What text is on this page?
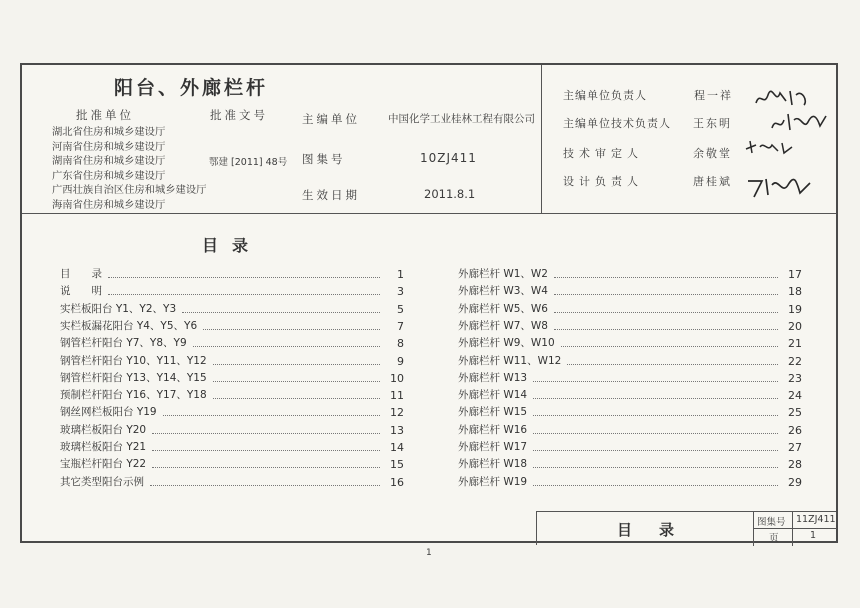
阳台、外廊栏杆
批准单位
湖北省住房和城乡建设厅
河南省住房和城乡建设厅
湖南省住房和城乡建设厅
广东省住房和城乡建设厅
广西壮族自治区住房和城乡建设厅
海南省住房和城乡建设厅
批准文号
鄂建 [2011] 48号
主编单位	中国化学工业桂林工程有限公司
图集号	10ZJ411
生效日期	2011.8.1
主编单位负责人	程一祥
主编单位技术负责人 王东明
技术审定人	余敬堂
设计负责人	唐桂斌
目录
目　　录	1
说　　明	3
实栏板阳台 Y1、Y2、Y3	5
实栏板漏花阳台 Y4、Y5、Y6	7
钢管栏杆阳台 Y7、Y8、Y9	8
钢管栏杆阳台 Y10、Y11、Y12	9
钢管栏杆阳台 Y13、Y14、Y15	10
预制栏杆阳台 Y16、Y17、Y18	11
钢丝网栏板阳台 Y19	12
玻璃栏板阳台 Y20	13
玻璃栏板阳台 Y21	14
宝瓶栏杆阳台 Y22	15
其它类型阳台示例	16
外廊栏杆 W1、W2	17
外廊栏杆 W3、W4	18
外廊栏杆 W5、W6	19
外廊栏杆 W7、W8	20
外廊栏杆 W9、W10	21
外廊栏杆 W11、W12	22
外廊栏杆 W13	23
外廊栏杆 W14	24
外廊栏杆 W15	25
外廊栏杆 W16	26
外廊栏杆 W17	27
外廊栏杆 W18	28
外廊栏杆 W19	29
目　录	图集号 11ZJ411
页	1
1
